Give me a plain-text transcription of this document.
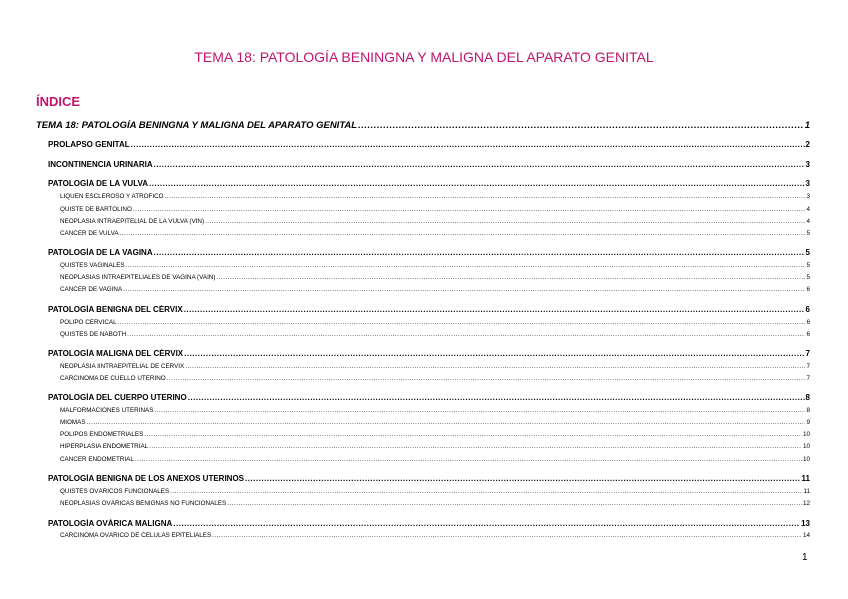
TEMA 18: PATOLOGÍA BENINGNA Y MALIGNA DEL APARATO GENITAL
ÍNDICE
TEMA 18: PATOLOGÍA BENINGNA Y MALIGNA DEL APARATO GENITAL .....	1
PROLAPSO GENITAL .....	2
INCONTINENCIA URINARIA .....	3
PATOLOGÍA DE LA VULVA .....	3
LIQUEN ESCLEROSO Y ATROFICO .....	3
QUISTE DE BARTOLINO .....	4
NEOPLASIA INTRAEPITELIAL DE LA VULVA (VIN) .....	4
CÁNCER DE VULVA .....	5
PATOLOGÍA DE LA VAGINA .....	5
QUISTES VAGINALES .....	5
NEOPLASIAS INTRAEPITELIALES DE VAGINA (VAIN) .....	5
CÁNCER DE VAGINA .....	6
PATOLOGÍA BENIGNA DEL CÉRVIX .....	6
PÓLIPO CERVICAL .....	6
QUISTES DE NABOTH .....	6
PATOLOGÍA MALIGNA DEL CÉRVIX .....	7
NEOPLASIA IINTRAEPITELIAL DE CÉRVIX .....	7
CARCINOMA DE CUELLO UTERINO .....	7
PATOLOGÍA DEL CUERPO UTERINO .....	8
MALFORMACIONES UTERINAS .....	8
MIOMAS .....	9
POLIPOS ENDOMETRIALES .....	10
HIPERPLASIA ENDOMETRIAL .....	10
CÁNCER ENDOMETRIAL .....	10
PATOLOGÍA BENIGNA DE LOS ANEXOS UTERINOS .....	11
QUISTES OVÁRICOS FUNCIONALES .....	11
NEOPLASIAS OVÁRICAS BENIGNAS NO FUNCIONALES .....	12
PATOLOGÍA OVÁRICA MALIGNA .....	13
CARCINOMA OVÁRICO DE CÉLULAS EPITELIALES .....	14
1
